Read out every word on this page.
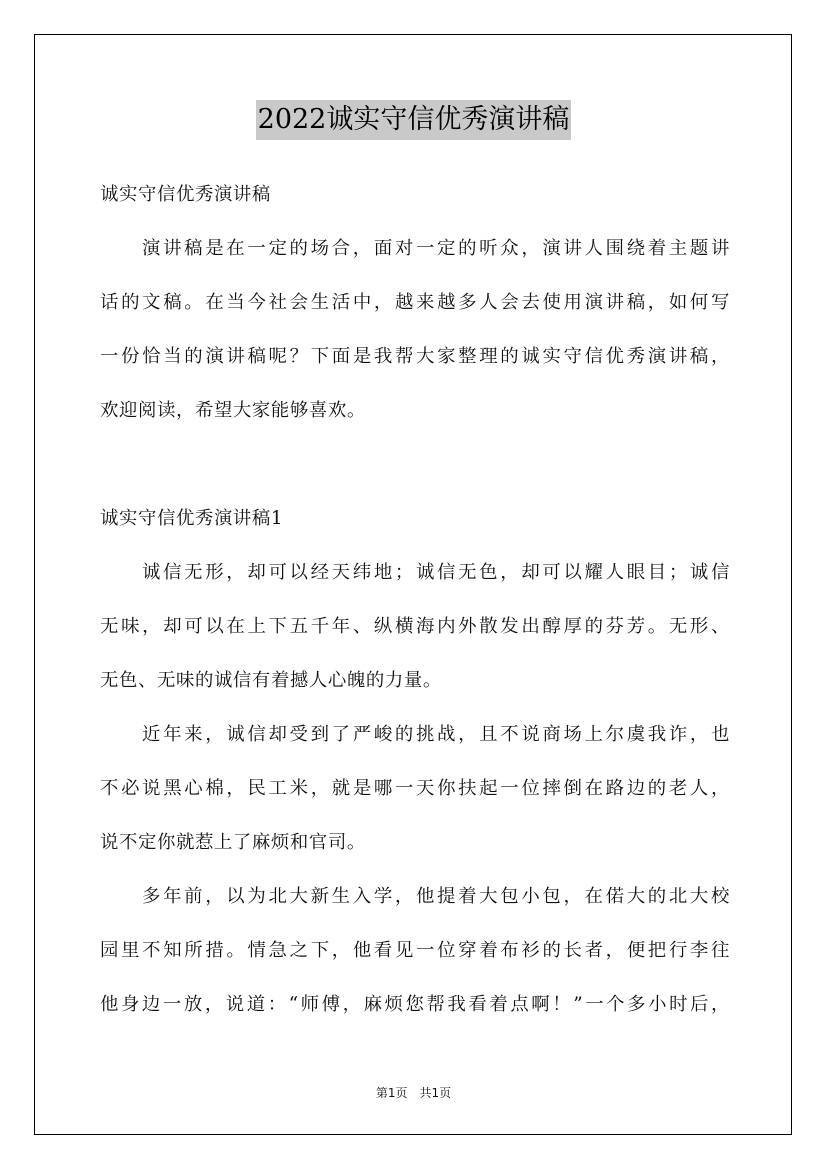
2022诚实守信优秀演讲稿
诚实守信优秀演讲稿
演讲稿是在一定的场合，面对一定的听众，演讲人围绕着主题讲
话的文稿。在当今社会生活中，越来越多人会去使用演讲稿，如何写
一份恰当的演讲稿呢？下面是我帮大家整理的诚实守信优秀演讲稿，
欢迎阅读，希望大家能够喜欢。
诚实守信优秀演讲稿1
诚信无形，却可以经天纬地；诚信无色，却可以耀人眼目；诚信
无味，却可以在上下五千年、纵横海内外散发出醇厚的芬芳。无形、
无色、无味的诚信有着撼人心魄的力量。
近年来，诚信却受到了严峻的挑战，且不说商场上尔虞我诈，也
不必说黑心棉，民工米，就是哪一天你扶起一位摔倒在路边的老人，
说不定你就惹上了麻烦和官司。
多年前，以为北大新生入学，他提着大包小包，在偌大的北大校
园里不知所措。情急之下，他看见一位穿着布衫的长者，便把行李往
他身边一放，说道：“师傅，麻烦您帮我看着点啊！”一个多小时后，
第1页　共1页
